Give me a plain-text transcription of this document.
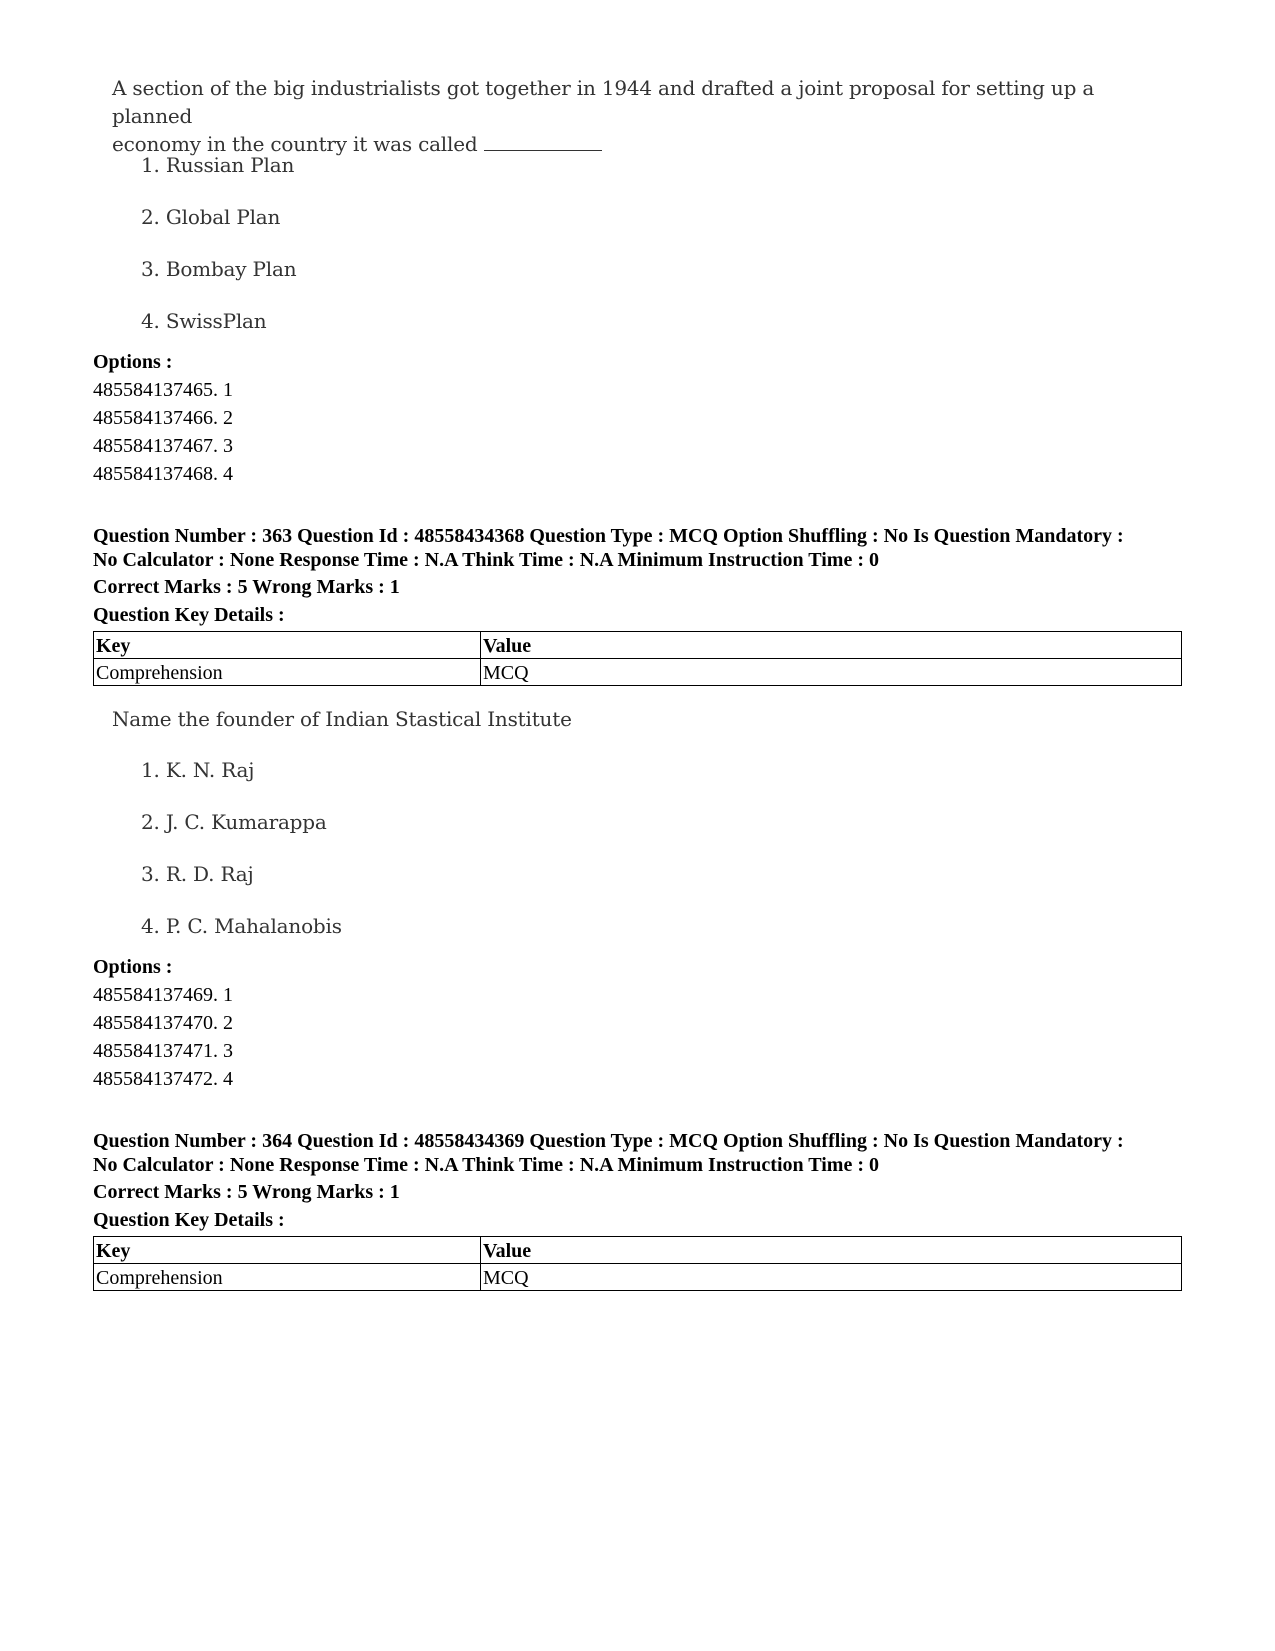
A section of the big industrialists got together in 1944 and drafted a joint proposal for setting up a planned
economy in the country it was called
1. Russian Plan
2. Global Plan
3. Bombay Plan
4. SwissPlan
Options :
485584137465. 1
485584137466. 2
485584137467. 3
485584137468. 4
Question Number : 363 Question Id : 48558434368 Question Type : MCQ Option Shuffling : No Is Question Mandatory :
No Calculator : None Response Time : N.A Think Time : N.A Minimum Instruction Time : 0
Correct Marks : 5 Wrong Marks : 1
Question Key Details :
Key	Value
Comprehension	MCQ
Name the founder of Indian Stastical Institute
1. K. N. Raj
2. J. C. Kumarappa
3. R. D. Raj
4. P. C. Mahalanobis
Options :
485584137469. 1
485584137470. 2
485584137471. 3
485584137472. 4
Question Number : 364 Question Id : 48558434369 Question Type : MCQ Option Shuffling : No Is Question Mandatory :
No Calculator : None Response Time : N.A Think Time : N.A Minimum Instruction Time : 0
Correct Marks : 5 Wrong Marks : 1
Question Key Details :
Key	Value
Comprehension	MCQ
